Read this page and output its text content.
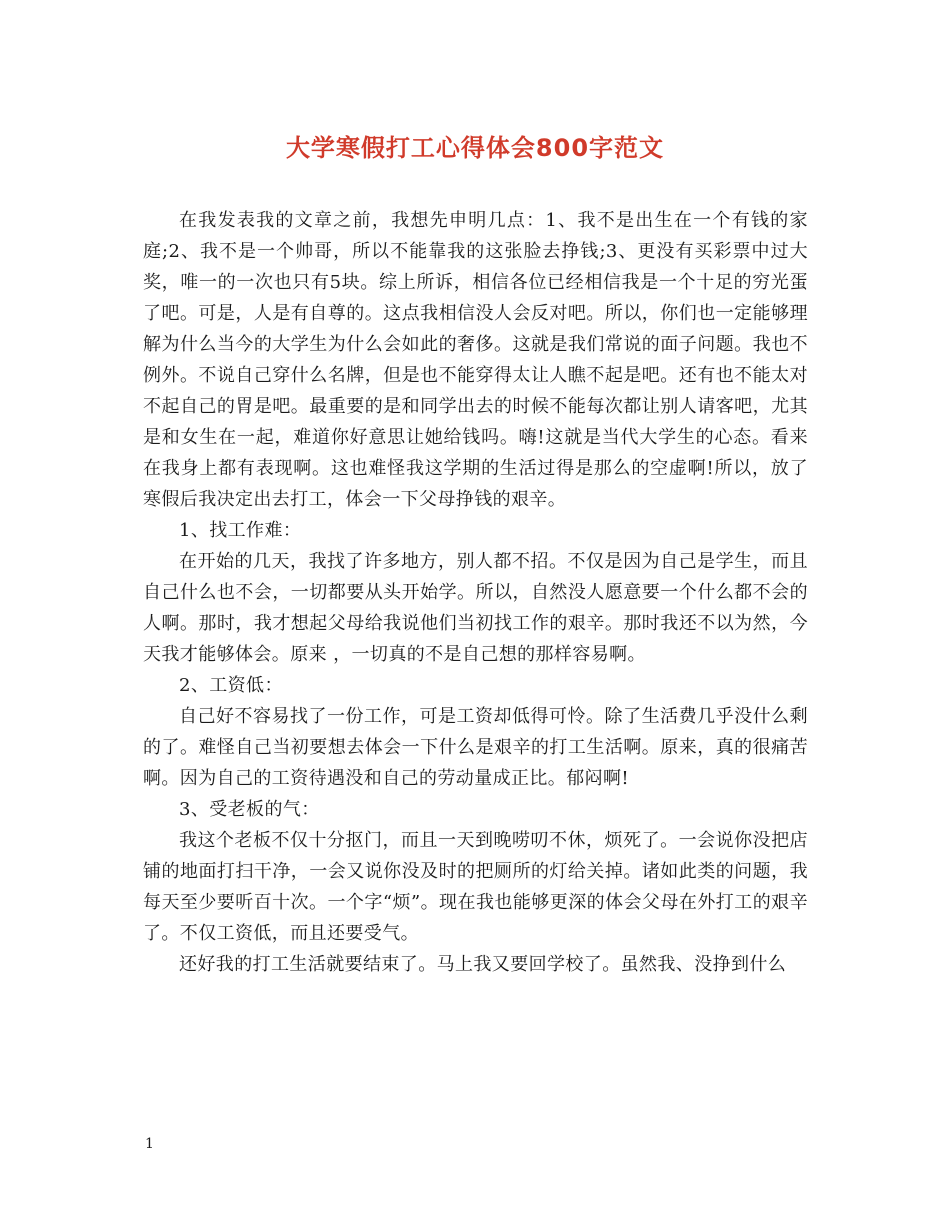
大学寒假打工心得体会800字范文

在我发表我的文章之前，我想先申明几点：1、我不是出生在一个有钱的家庭;2、我不是一个帅哥，所以不能靠我的这张脸去挣钱;3、更没有买彩票中过大奖，唯一的一次也只有5块。综上所诉，相信各位已经相信我是一个十足的穷光蛋了吧。可是，人是有自尊的。这点我相信没人会反对吧。所以，你们也一定能够理解为什么当今的大学生为什么会如此的奢侈。这就是我们常说的面子问题。我也不例外。不说自己穿什么名牌，但是也不能穿得太让人瞧不起是吧。还有也不能太对不起自己的胃是吧。最重要的是和同学出去的时候不能每次都让别人请客吧，尤其是和女生在一起，难道你好意思让她给钱吗。嗨!这就是当代大学生的心态。看来在我身上都有表现啊。这也难怪我这学期的生活过得是那么的空虚啊!所以，放了寒假后我决定出去打工，体会一下父母挣钱的艰辛。

1、找工作难：

在开始的几天，我找了许多地方，别人都不招。不仅是因为自己是学生，而且自己什么也不会，一切都要从头开始学。所以，自然没人愿意要一个什么都不会的人啊。那时，我才想起父母给我说他们当初找工作的艰辛。那时我还不以为然，今天我才能够体会。原来 ，一切真的不是自己想的那样容易啊。

2、工资低：

自己好不容易找了一份工作，可是工资却低得可怜。除了生活费几乎没什么剩的了。难怪自己当初要想去体会一下什么是艰辛的打工生活啊。原来，真的很痛苦啊。因为自己的工资待遇没和自己的劳动量成正比。郁闷啊!

3、受老板的气：

我这个老板不仅十分抠门，而且一天到晚唠叨不休，烦死了。一会说你没把店铺的地面打扫干净，一会又说你没及时的把厕所的灯给关掉。诸如此类的问题，我每天至少要听百十次。一个字“烦”。现在我也能够更深的体会父母在外打工的艰辛了。不仅工资低，而且还要受气。

还好我的打工生活就要结束了。马上我又要回学校了。虽然我、没挣到什么

1
